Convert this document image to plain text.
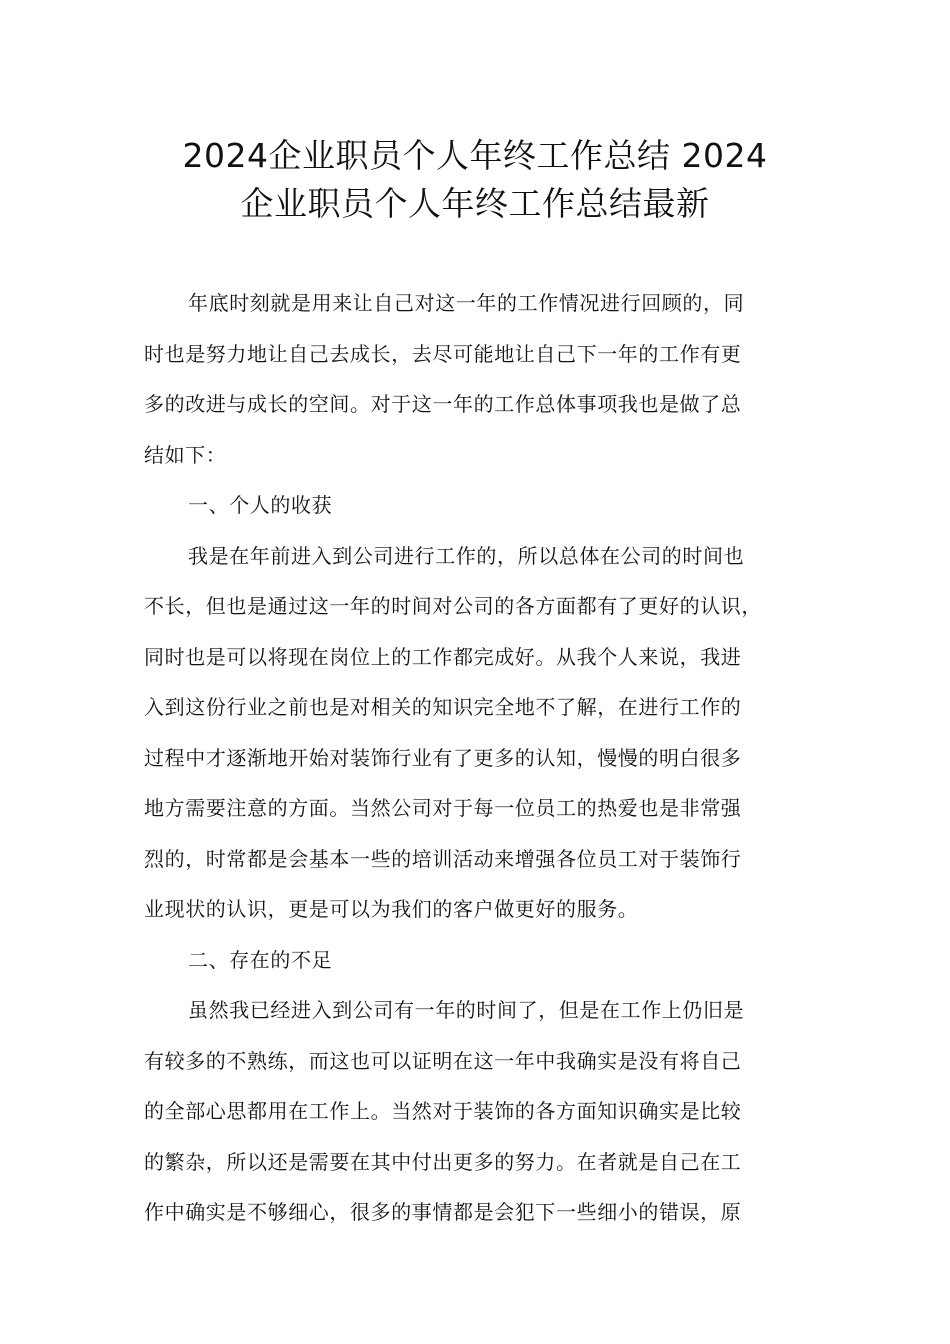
2024企业职员个人年终工作总结 2024
企业职员个人年终工作总结最新
年底时刻就是用来让自己对这一年的工作情况进行回顾的，同
时也是努力地让自己去成长，去尽可能地让自己下一年的工作有更
多的改进与成长的空间。对于这一年的工作总体事项我也是做了总
结如下：
一、个人的收获
我是在年前进入到公司进行工作的，所以总体在公司的时间也
不长，但也是通过这一年的时间对公司的各方面都有了更好的认识，
同时也是可以将现在岗位上的工作都完成好。从我个人来说，我进
入到这份行业之前也是对相关的知识完全地不了解，在进行工作的
过程中才逐渐地开始对装饰行业有了更多的认知，慢慢的明白很多
地方需要注意的方面。当然公司对于每一位员工的热爱也是非常强
烈的，时常都是会基本一些的培训活动来增强各位员工对于装饰行
业现状的认识，更是可以为我们的客户做更好的服务。
二、存在的不足
虽然我已经进入到公司有一年的时间了，但是在工作上仍旧是
有较多的不熟练，而这也可以证明在这一年中我确实是没有将自己
的全部心思都用在工作上。当然对于装饰的各方面知识确实是比较
的繁杂，所以还是需要在其中付出更多的努力。在者就是自己在工
作中确实是不够细心，很多的事情都是会犯下一些细小的错误，原
